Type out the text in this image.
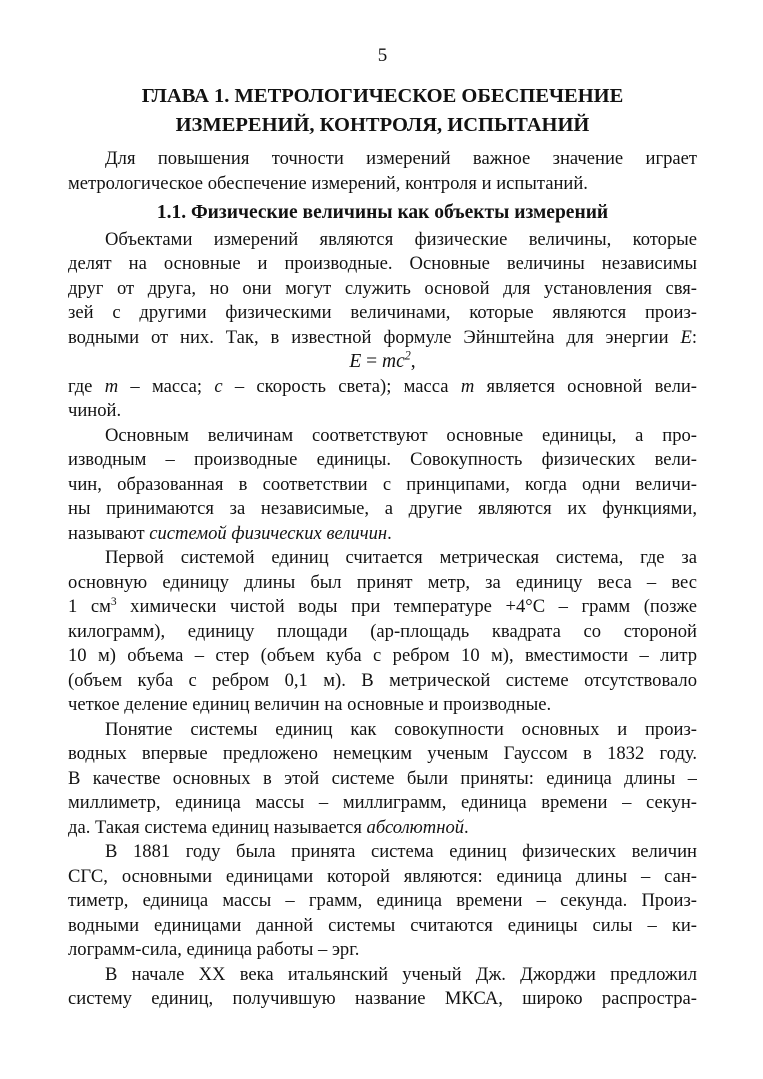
5
ГЛАВА 1. МЕТРОЛОГИЧЕСКОЕ ОБЕСПЕЧЕНИЕ
ИЗМЕРЕНИЙ, КОНТРОЛЯ, ИСПЫТАНИЙ
Для повышения точности измерений важное значение играет
метрологическое обеспечение измерений, контроля и испытаний.
1.1. Физические величины как объекты измерений
Объектами измерений являются физические величины, которые
делят на основные и производные. Основные величины независимы
друг от друга, но они могут служить основой для установления свя-
зей с другими физическими величинами, которые являются произ-
водными от них. Так, в известной формуле Эйнштейна для энергии E:
$E = mc^2$,
где m – масса; c – скорость света); масса m является основной вели-
чиной.
Основным величинам соответствуют основные единицы, а про-
изводным – производные единицы. Совокупность физических вели-
чин, образованная в соответствии с принципами, когда одни величи-
ны принимаются за независимые, а другие являются их функциями,
называют системой физических величин.
Первой системой единиц считается метрическая система, где за
основную единицу длины был принят метр, за единицу веса – вес
1 $см^3$ химически чистой воды при температуре +4°С – грамм (позже
килограмм), единицу площади (ар-площадь квадрата со стороной
10 м) объема – стер (объем куба с ребром 10 м), вместимости – литр
(объем куба с ребром 0,1 м). В метрической системе отсутствовало
четкое деление единиц величин на основные и производные.
Понятие системы единиц как совокупности основных и произ-
водных впервые предложено немецким ученым Гауссом в 1832 году.
В качестве основных в этой системе были приняты: единица длины –
миллиметр, единица массы – миллиграмм, единица времени – секун-
да. Такая система единиц называется абсолютной.
В 1881 году была принята система единиц физических величин
СГС, основными единицами которой являются: единица длины – сан-
тиметр, единица массы – грамм, единица времени – секунда. Произ-
водными единицами данной системы считаются единицы силы – ки-
лограмм-сила, единица работы – эрг.
В начале XX века итальянский ученый Дж. Джорджи предложил
систему единиц, получившую название МКСА, широко распростра-
